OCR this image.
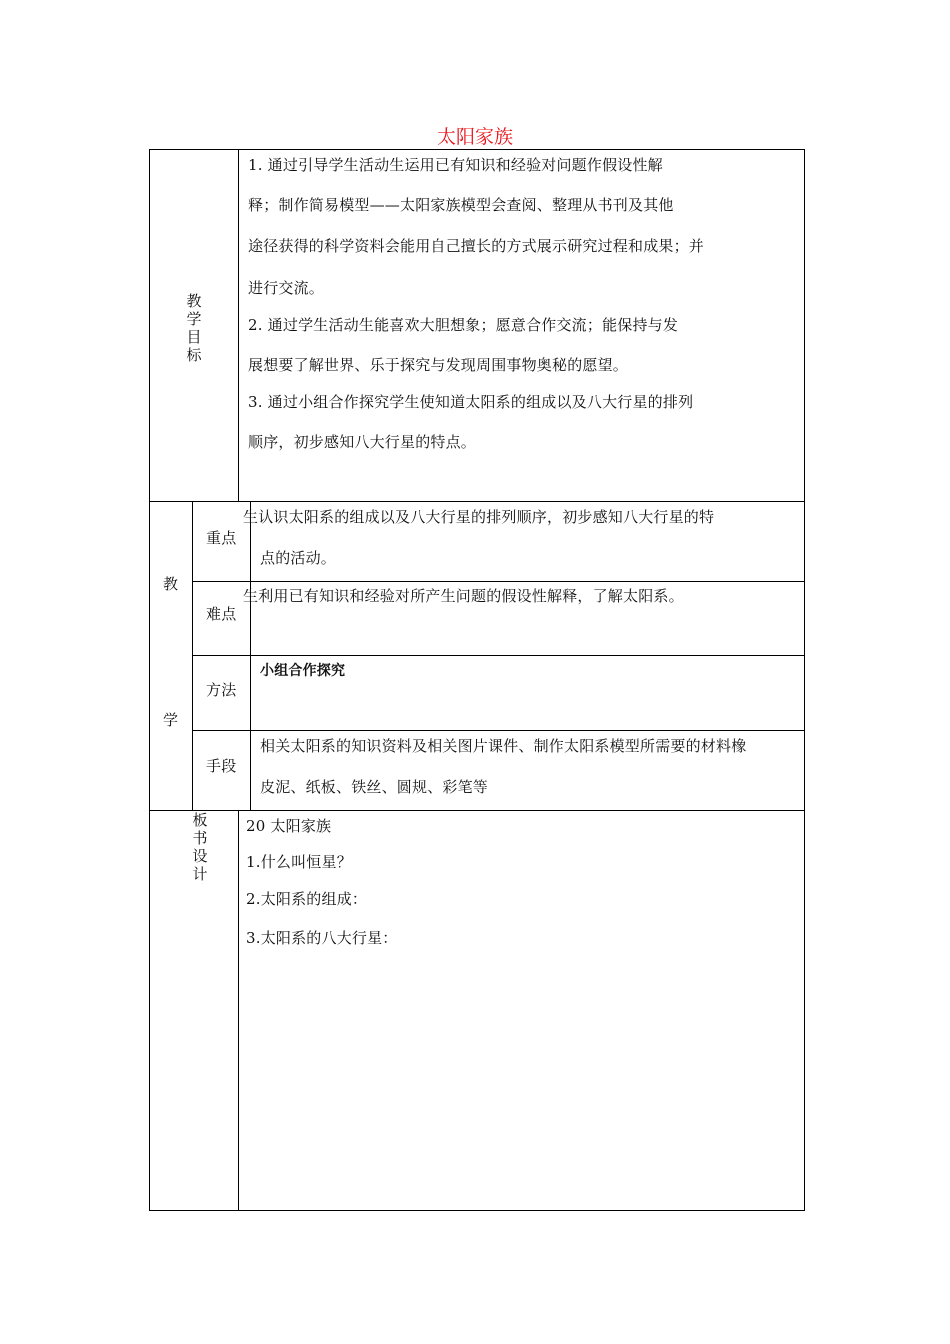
太阳家族
教
学
目
标
1. 通过引导学生活动生运用已有知识和经验对问题作假设性解
释；制作简易模型——太阳家族模型会查阅、整理从书刊及其他
途径获得的科学资料会能用自己擅长的方式展示研究过程和成果；并
进行交流。
2. 通过学生活动生能喜欢大胆想象；愿意合作交流；能保持与发
展想要了解世界、乐于探究与发现周围事物奥秘的愿望。
3. 通过小组合作探究学生使知道太阳系的组成以及八大行星的排列
顺序，初步感知八大行星的特点。
教
学
重点
生认识太阳系的组成以及八大行星的排列顺序，初步感知八大行星的特
点的活动。
难点
生利用已有知识和经验对所产生问题的假设性解释，了解太阳系。
方法
小组合作探究
手段
相关太阳系的知识资料及相关图片课件、制作太阳系模型所需要的材料橡
皮泥、纸板、铁丝、圆规、彩笔等
板
书
设
计
20 太阳家族
1.什么叫恒星？
2.太阳系的组成：
3.太阳系的八大行星：
